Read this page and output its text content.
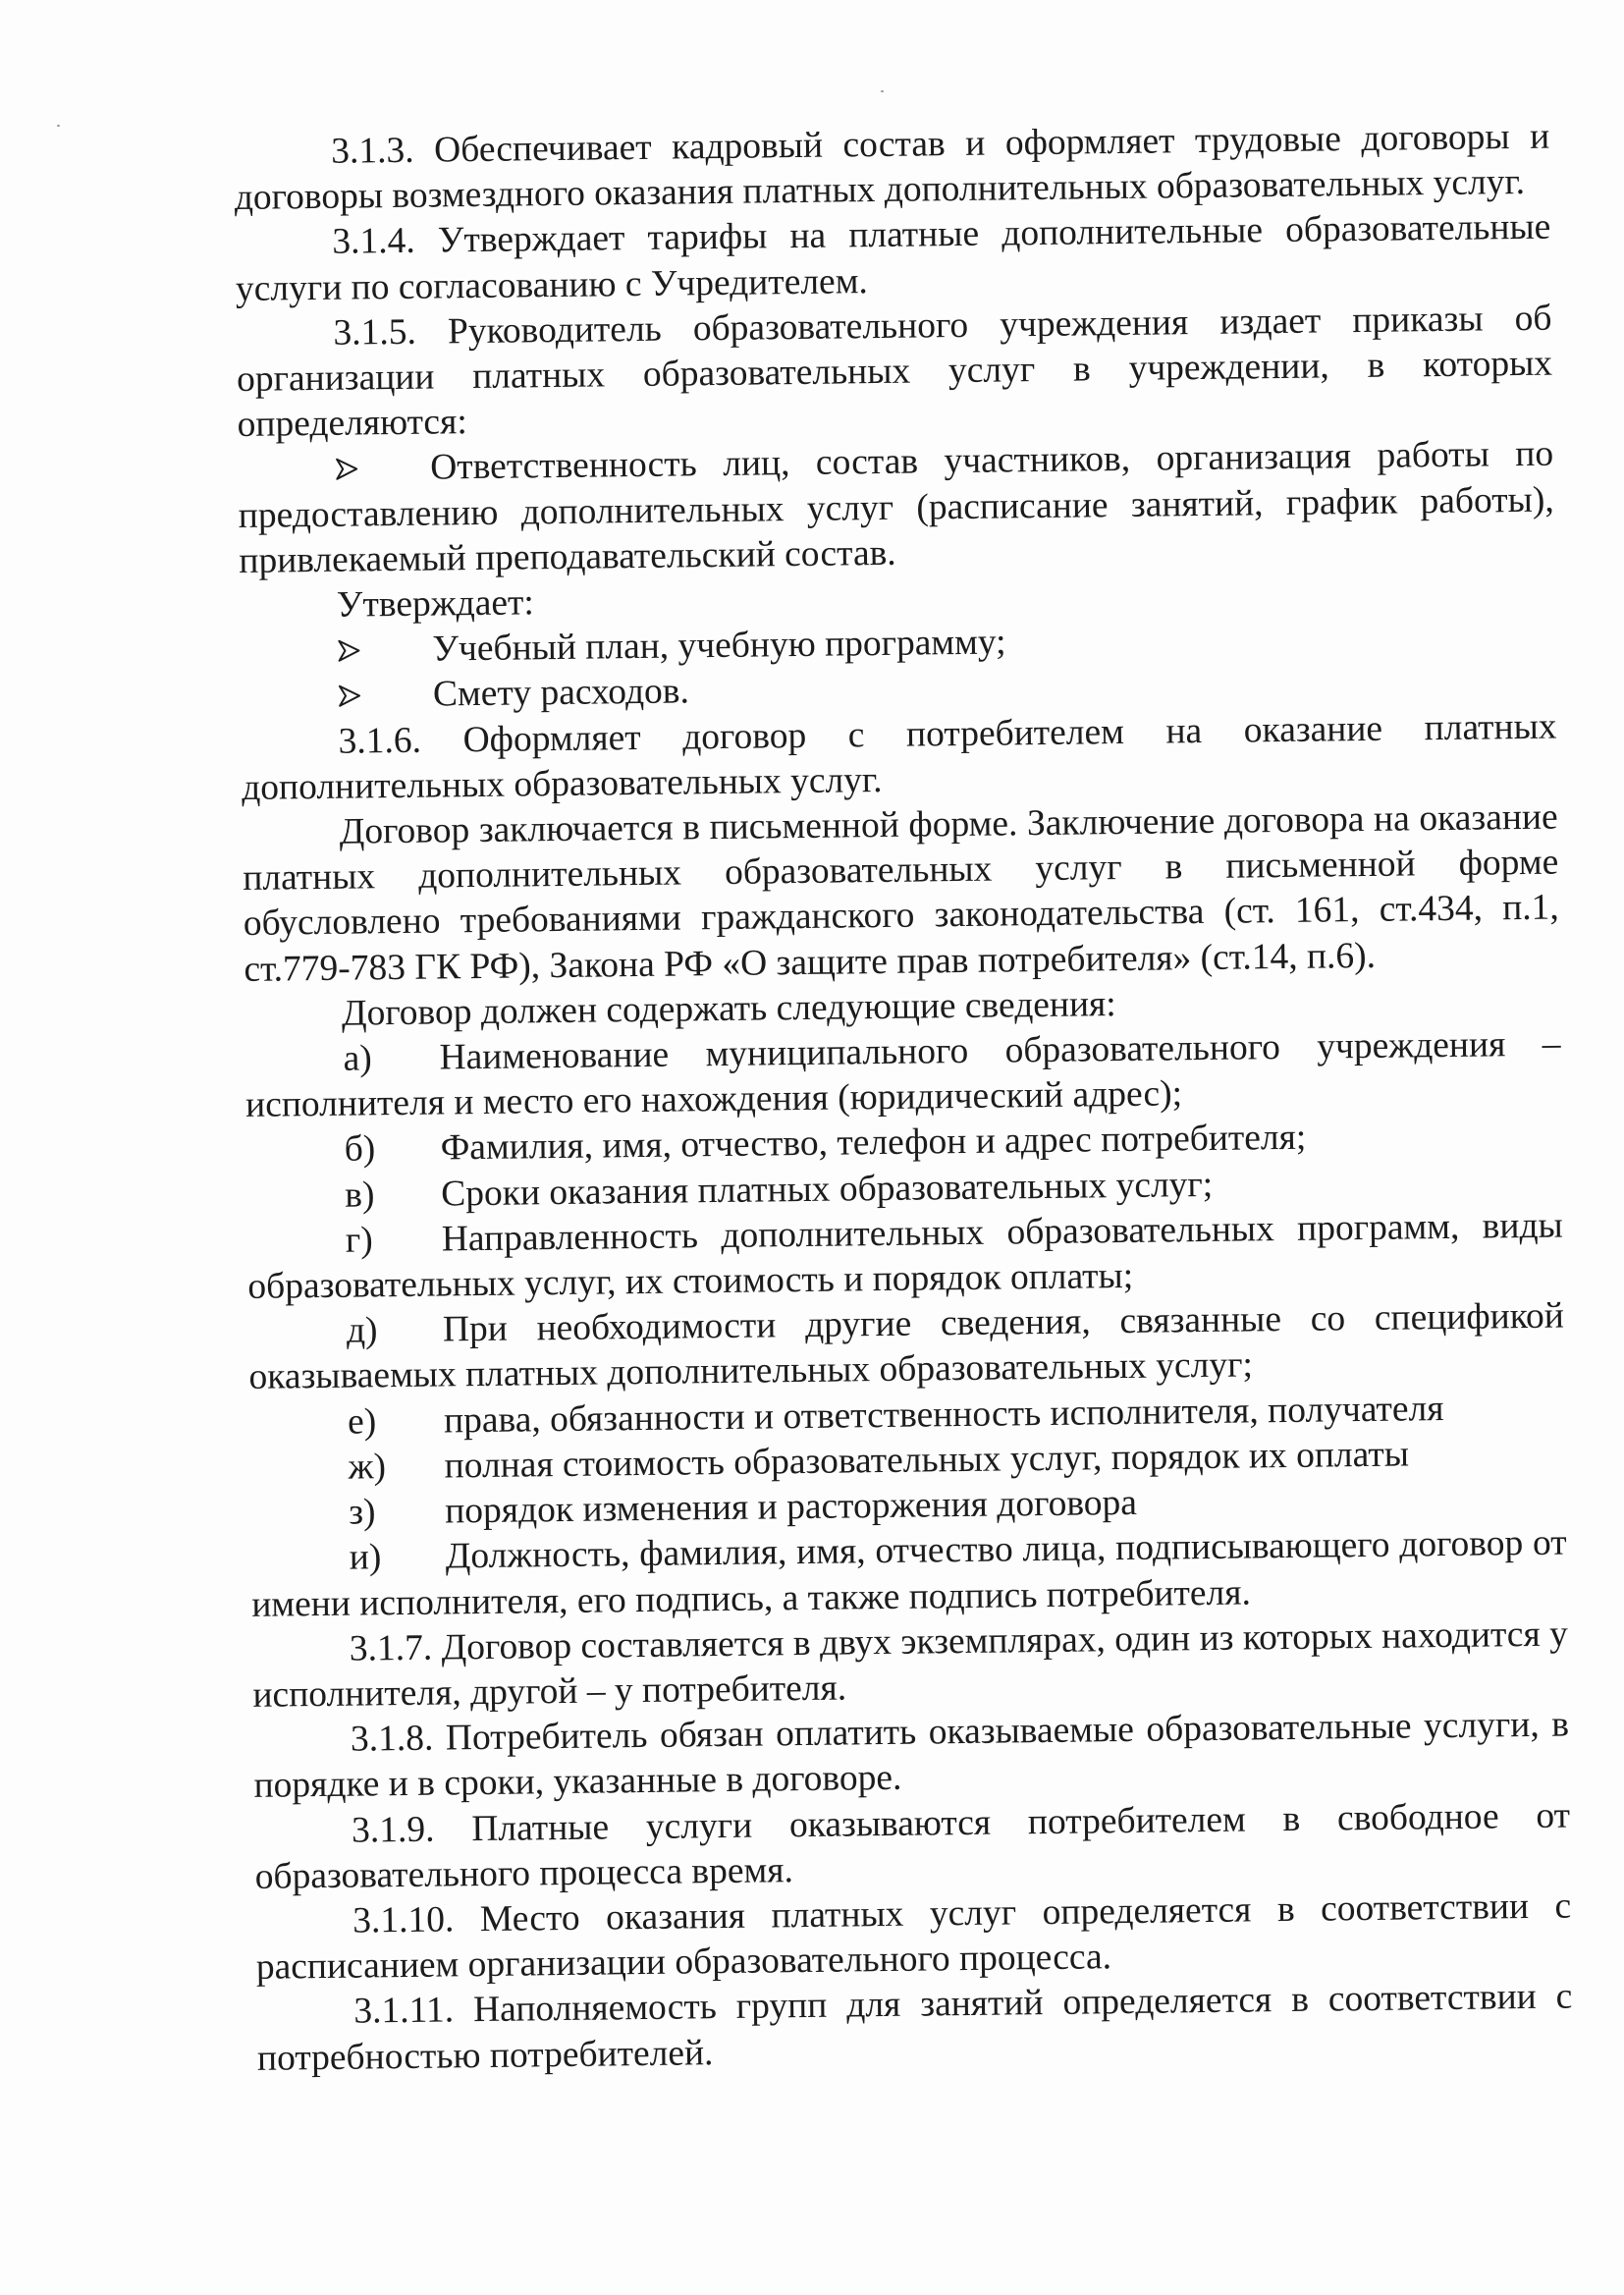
3.1.3. Обеспечивает кадровый состав и оформляет трудовые договоры и договоры возмездного оказания платных дополнительных образовательных услуг.

3.1.4. Утверждает тарифы на платные дополнительные образовательные услуги по согласованию с Учредителем.

3.1.5. Руководитель образовательного учреждения издает приказы об организации платных образовательных услуг в учреждении, в которых определяются:

Ответственность лиц, состав участников, организация работы по предоставлению дополнительных услуг (расписание занятий, график работы), привлекаемый преподавательский состав.

Утверждает:

Учебный план, учебную программу;

Смету расходов.

3.1.6. Оформляет договор с потребителем на оказание платных дополнительных образовательных услуг.

Договор заключается в письменной форме. Заключение договора на оказание платных дополнительных образовательных услуг в письменной форме обусловлено требованиями гражданского законодательства (ст. 161, ст.434, п.1, ст.779-783 ГК РФ), Закона РФ «О защите прав потребителя» (ст.14, п.6).

Договор должен содержать следующие сведения:

а) Наименование муниципального образовательного учреждения – исполнителя и место его нахождения (юридический адрес);

б) Фамилия, имя, отчество, телефон и адрес потребителя;

в) Сроки оказания платных образовательных услуг;

г) Направленность дополнительных образовательных программ, виды образовательных услуг, их стоимость и порядок оплаты;

д) При необходимости другие сведения, связанные со спецификой оказываемых платных дополнительных образовательных услуг;

е) права, обязанности и ответственность исполнителя, получателя

ж) полная стоимость образовательных услуг, порядок их оплаты

з) порядок изменения и расторжения договора

и) Должность, фамилия, имя, отчество лица, подписывающего договор от имени исполнителя, его подпись, а также подпись потребителя.

3.1.7. Договор составляется в двух экземплярах, один из которых находится у исполнителя, другой – у потребителя.

3.1.8. Потребитель обязан оплатить оказываемые образовательные услуги, в порядке и в сроки, указанные в договоре.

3.1.9. Платные услуги оказываются потребителем в свободное от образовательного процесса время.

3.1.10. Место оказания платных услуг определяется в соответствии с расписанием организации образовательного процесса.

3.1.11. Наполняемость групп для занятий определяется в соответствии с потребностью потребителей.
